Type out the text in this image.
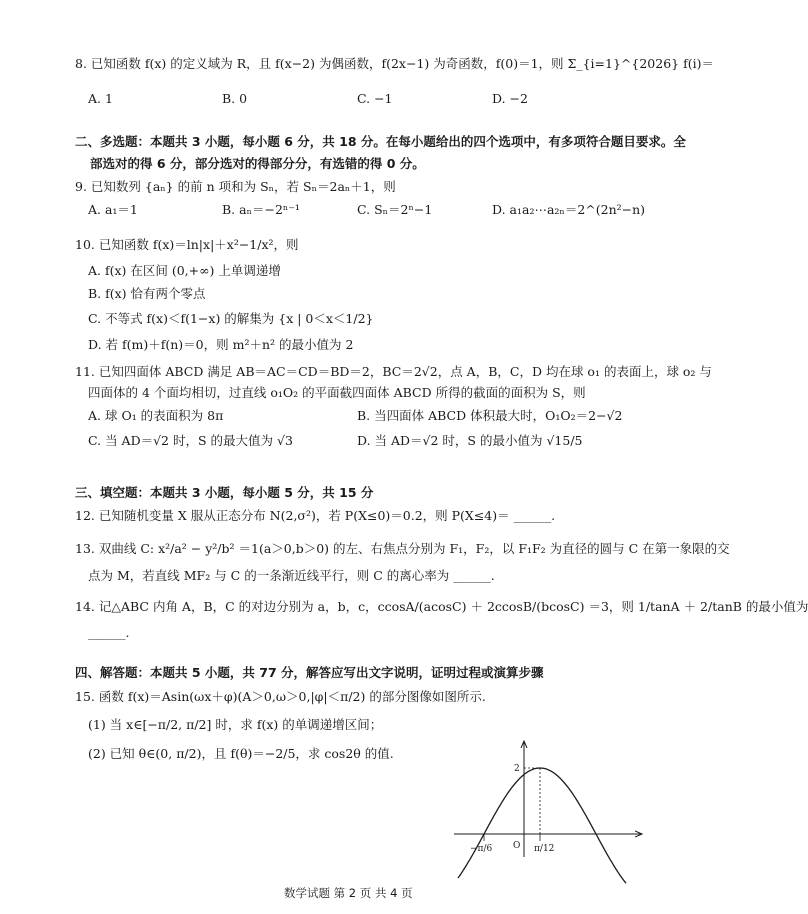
8. 已知函数 f(x) 的定义域为 R，且 f(x−2) 为偶函数，f(2x−1) 为奇函数，f(0)＝1，则 Σ_{i=1}^{2026} f(i)＝
A. 1	B. 0	C. −1	D. −2
二、多选题：本题共 3 小题，每小题 6 分，共 18 分。在每小题给出的四个选项中，有多项符合题目要求。全
部选对的得 6 分，部分选对的得部分分，有选错的得 0 分。
9. 已知数列 {aₙ} 的前 n 项和为 Sₙ，若 Sₙ＝2aₙ＋1，则
A. a₁＝1	B. aₙ＝−2ⁿ⁻¹	C. Sₙ＝2ⁿ−1	D. a₁a₂⋯a₂ₙ＝2^(2n²−n)
10. 已知函数 f(x)＝ln|x|＋x²−1/x²，则
A. f(x) 在区间 (0,+∞) 上单调递增
B. f(x) 恰有两个零点
C. 不等式 f(x)＜f(1−x) 的解集为 {x | 0＜x＜1/2}
D. 若 f(m)＋f(n)＝0，则 m²＋n² 的最小值为 2
11. 已知四面体 ABCD 满足 AB＝AC＝CD＝BD＝2，BC＝2√2，点 A，B，C，D 均在球 o₁ 的表面上，球 o₂ 与
四面体的 4 个面均相切，过直线 o₁O₂ 的平面截四面体 ABCD 所得的截面的面积为 S，则
A. 球 O₁ 的表面积为 8π	B. 当四面体 ABCD 体积最大时，O₁O₂＝2−√2
C. 当 AD＝√2 时，S 的最大值为 √3	D. 当 AD＝√2 时，S 的最小值为 √15/5
三、填空题：本题共 3 小题，每小题 5 分，共 15 分
12. 已知随机变量 X 服从正态分布 N(2,σ²)，若 P(X≤0)＝0.2，则 P(X≤4)＝ ______.
13. 双曲线 C: x²/a² − y²/b² ＝1(a＞0,b＞0) 的左、右焦点分别为 F₁，F₂，以 F₁F₂ 为直径的圆与 C 在第一象限的交
点为 M，若直线 MF₂ 与 C 的一条渐近线平行，则 C 的离心率为 ______.
14. 记△ABC 内角 A，B，C 的对边分别为 a，b，c，ccosA/(acosC) ＋ 2ccosB/(bcosC) ＝3，则 1/tanA ＋ 2/tanB 的最小值为
______.
四、解答题：本题共 5 小题，共 77 分，解答应写出文字说明，证明过程或演算步骤
15. 函数 f(x)＝Asin(ωx＋φ)(A＞0,ω＞0,|φ|＜π/2) 的部分图像如图所示.
(1) 当 x∈[−π/2, π/2] 时，求 f(x) 的单调递增区间；
(2) 已知 θ∈(0, π/2)，且 f(θ)＝−2/5，求 cos2θ 的值.
2
O
−π/6	π/12
数学试题 第 2 页 共 4 页
